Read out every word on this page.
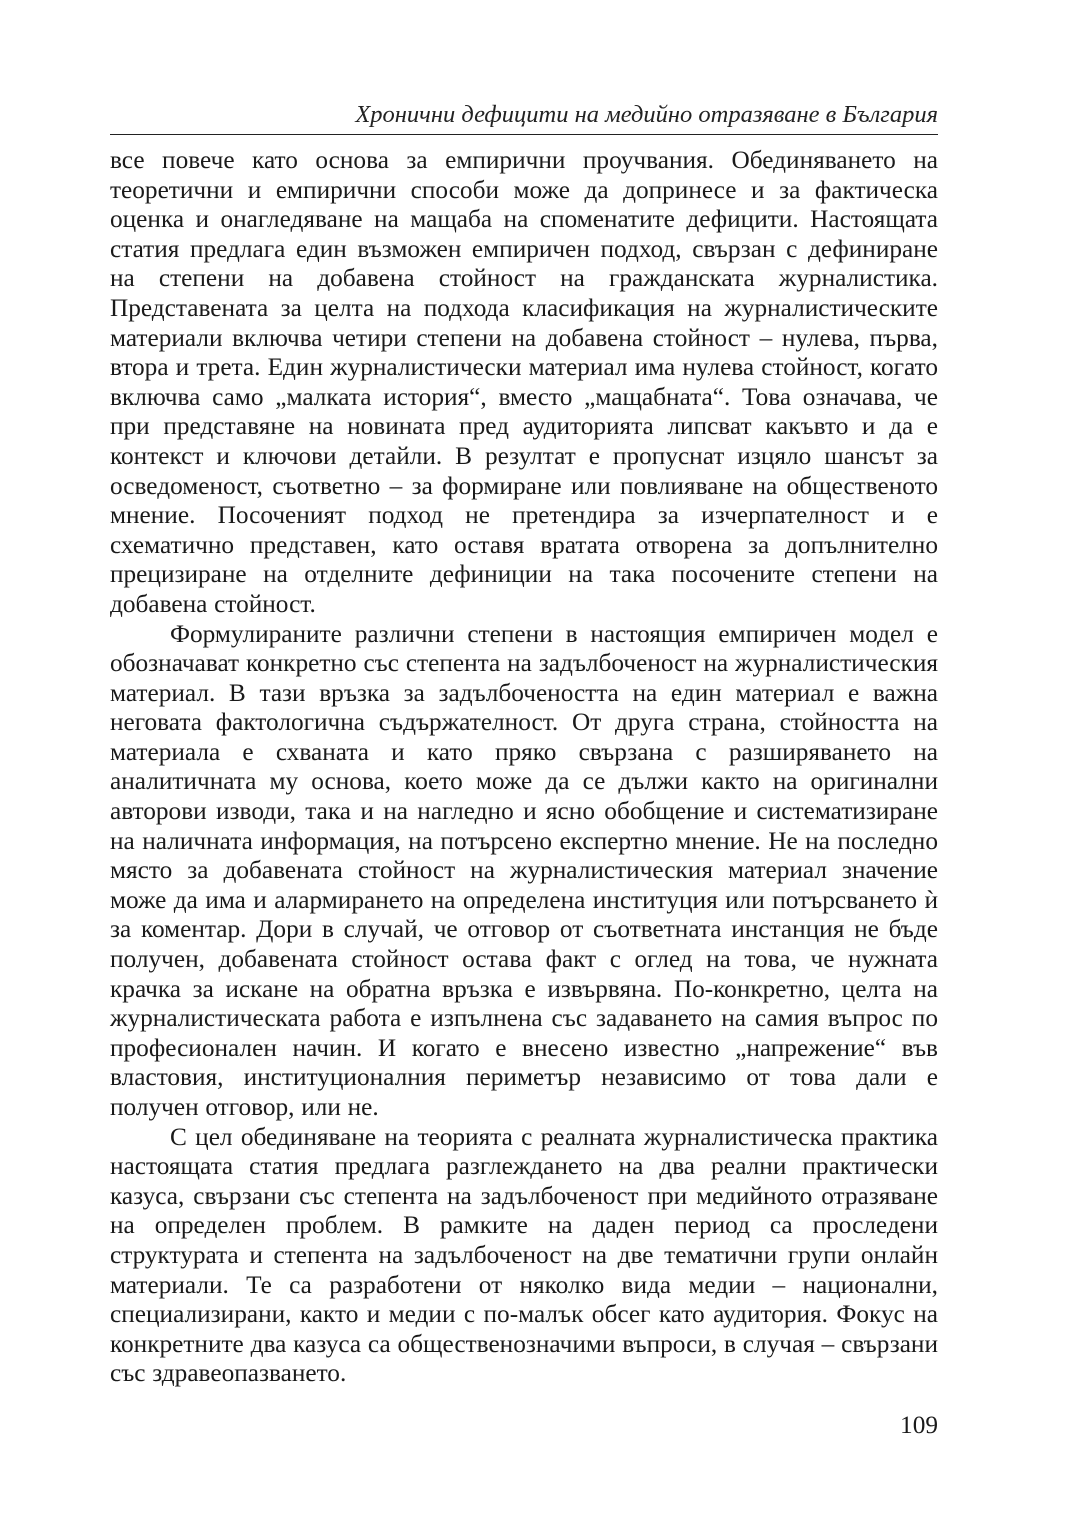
Хронични дефицити на медийно отразяване в България

все повече като основа за емпирични проучвания. Обединяването на теоретични и емпирични способи може да допринесе и за фактическа оценка и онагледяване на мащаба на споменатите дефицити. Настоящата статия предлага един възможен емпиричен подход, свързан с дефиниране на степени на добавена стойност на гражданската журналистика. Представената за целта на подхода класификация на журналистическите материали включва четири степени на добавена стойност – нулева, първа, втора и трета. Един журналистически материал има нулева стойност, когато включва само „малката история“, вместо „мащабната“. Това означава, че при представяне на новината пред аудиторията липсват какъвто и да е контекст и ключови детайли. В резултат е пропуснат изцяло шансът за осведоменост, съответно – за формиране или повлияване на общественото мнение. Посоченият подход не претендира за изчерпателност и е схематично представен, като оставя вратата отворена за допълнително прецизиране на отделните дефиниции на така посочените степени на добавена стойност.

Формулираните различни степени в настоящия емпиричен модел е обозначават конкретно със степента на задълбоченост на журналистическия материал. В тази връзка за задълбочеността на един материал е важна неговата фактологична съдържателност. От друга страна, стойността на материала е схваната и като пряко свързана с разширяването на аналитичната му основа, което може да се дължи както на оригинални авторови изводи, така и на нагледно и ясно обобщение и систематизиране на наличната информация, на потърсено експертно мнение. Не на последно място за добавената стойност на журналистическия материал значение може да има и алармирането на определена институция или потърсването ѝ за коментар. Дори в случай, че отговор от съответната инстанция не бъде получен, добавената стойност остава факт с оглед на това, че нужната крачка за искане на обратна връзка е извървяна. По-конкретно, целта на журналистическата работа е изпълнена със задаването на самия въпрос по професионален начин. И когато е внесено известно „напрежение“ във властовия, институционалния периметър независимо от това дали е получен отговор, или не.

С цел обединяване на теорията с реалната журналистическа практика настоящата статия предлага разглеждането на два реални практически казуса, свързани със степента на задълбоченост при медийното отразяване на определен проблем. В рамките на даден период са проследени структурата и степента на задълбоченост на две тематични групи онлайн материали. Те са разработени от няколко вида медии – национални, специализирани, както и медии с по-малък обсег като аудитория. Фокус на конкретните два казуса са общественозначими въпроси, в случая – свързани със здравеопазването.

109
